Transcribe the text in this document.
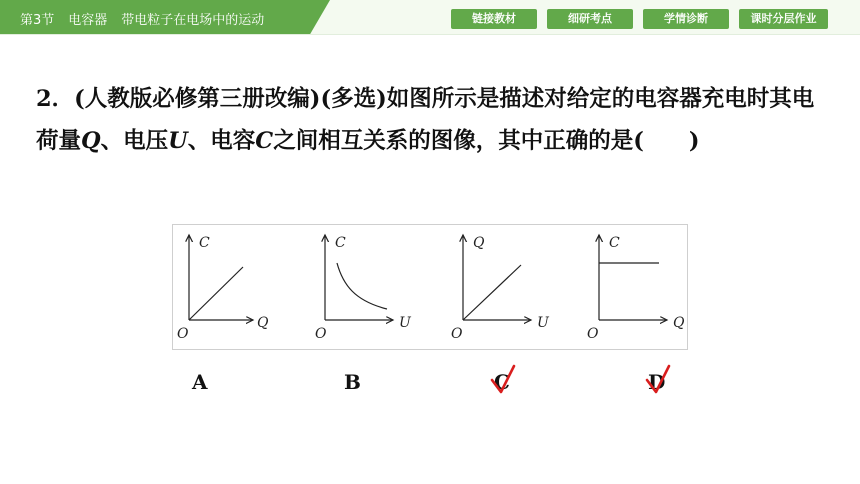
第3节 电容器 带电粒子在电场中的运动	链接教材	细研考点	学情诊断	课时分层作业
2．(人教版必修第三册改编)(多选)如图所示是描述对给定的电容器充电时其电荷量Q、电压U、电容C之间相互关系的图像，其中正确的是(　　)
C
Q
O
C
U
O
Q
U
O
C
Q
O
A	B	C	D
